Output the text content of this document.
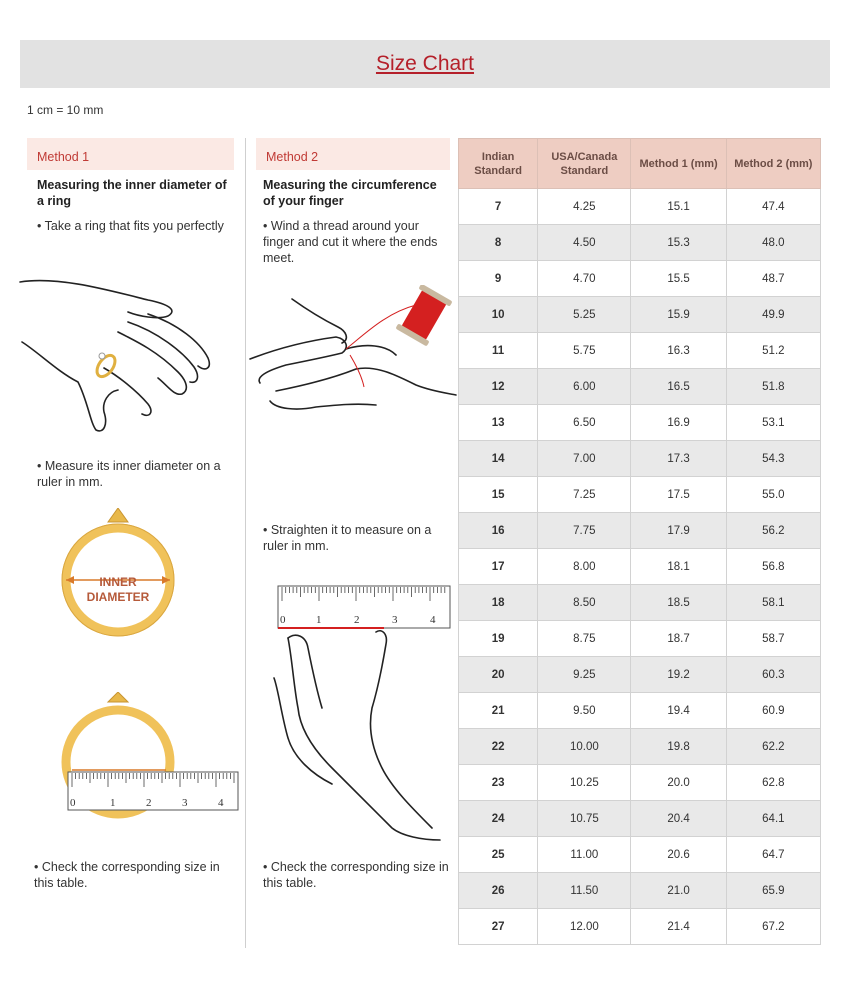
Size Chart
1 cm = 10 mm
Method 1
Measuring the inner diameter of a ring
• Take a ring that fits you perfectly
• Measure its inner diameter on a ruler in mm.
INNER
DIAMETER
0	1	2	3	4
• Check the corresponding size in this table.
Method 2
Measuring the circumference of your finger
• Wind a thread around your finger and cut it where the ends meet.
• Straighten it to measure on a ruler in mm.
0	1	2	3	4
• Check the corresponding size in this table.
Indian Standard	USA/Canada Standard	Method 1 (mm)	Method 2 (mm)
7	4.25	15.1	47.4
8	4.50	15.3	48.0
9	4.70	15.5	48.7
10	5.25	15.9	49.9
11	5.75	16.3	51.2
12	6.00	16.5	51.8
13	6.50	16.9	53.1
14	7.00	17.3	54.3
15	7.25	17.5	55.0
16	7.75	17.9	56.2
17	8.00	18.1	56.8
18	8.50	18.5	58.1
19	8.75	18.7	58.7
20	9.25	19.2	60.3
21	9.50	19.4	60.9
22	10.00	19.8	62.2
23	10.25	20.0	62.8
24	10.75	20.4	64.1
25	11.00	20.6	64.7
26	11.50	21.0	65.9
27	12.00	21.4	67.2
